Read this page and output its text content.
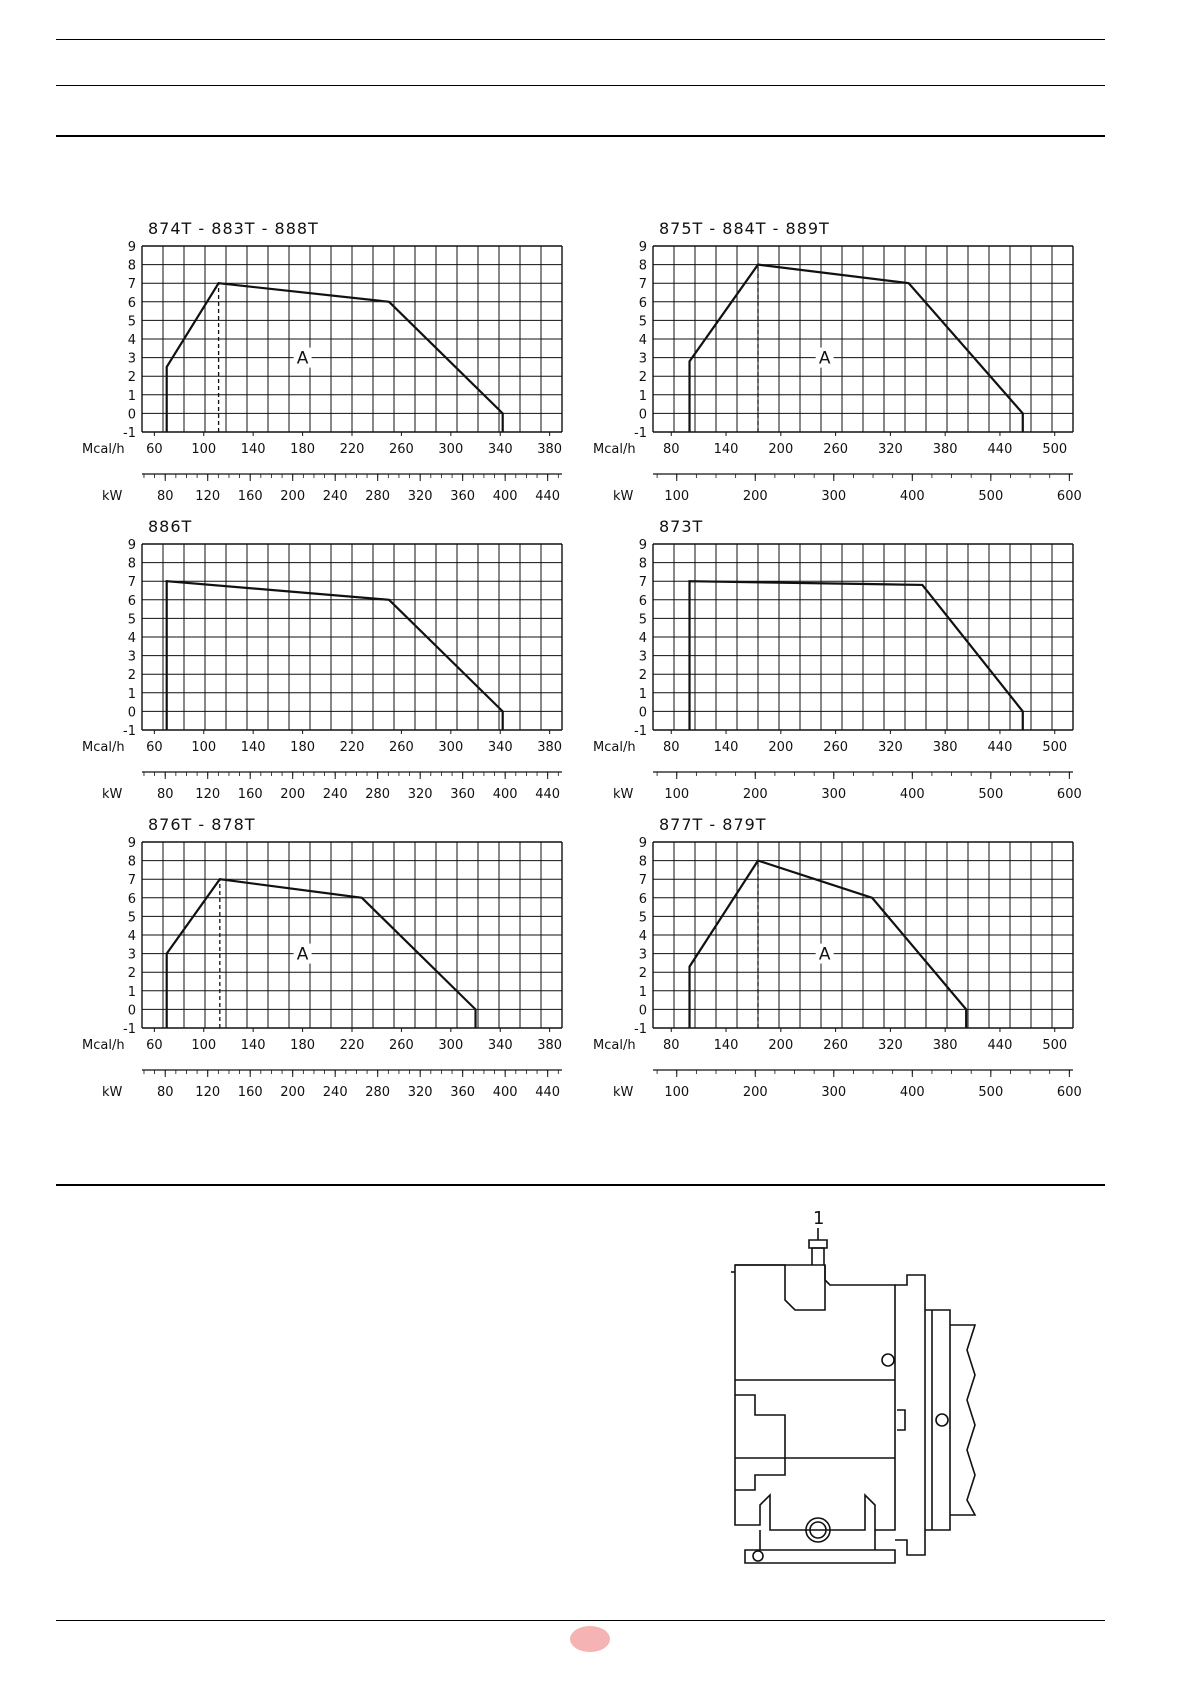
-1
0
1
2
3
4
5
6
7
8
9
874T - 883T - 888T
Mcal/h 60 100 140 180 220 260 300 340 380
kW	80 120 160 200 240 280 320 360 400 440
A
-1
0
1
2
3
4
5
6
7
8
9
875T - 884T - 889T
Mcal/h 80	140 200 260 320 380 440 500
kW 100	200	300	400	500	600
A
-1
0
1
2
3
4
5
6
7
8
9
886T
Mcal/h 60 100 140 180 220 260 300 340 380
kW	80 120 160 200 240 280 320 360 400 440
-1
0
1
2
3
4
5
6
7
8
9
873T
Mcal/h 80	140 200 260 320 380 440 500
kW 100	200	300	400	500	600
-1
0
1
2
3
4
5
6
7
8
9
876T - 878T
Mcal/h 60 100 140 180 220 260 300 340 380
kW	80 120 160 200 240 280 320 360 400 440
A
-1
0
1
2
3
4
5
6
7
8
9
877T - 879T
Mcal/h 80	140 200 260 320 380 440 500
kW 100	200	300	400	500	600
A
1
